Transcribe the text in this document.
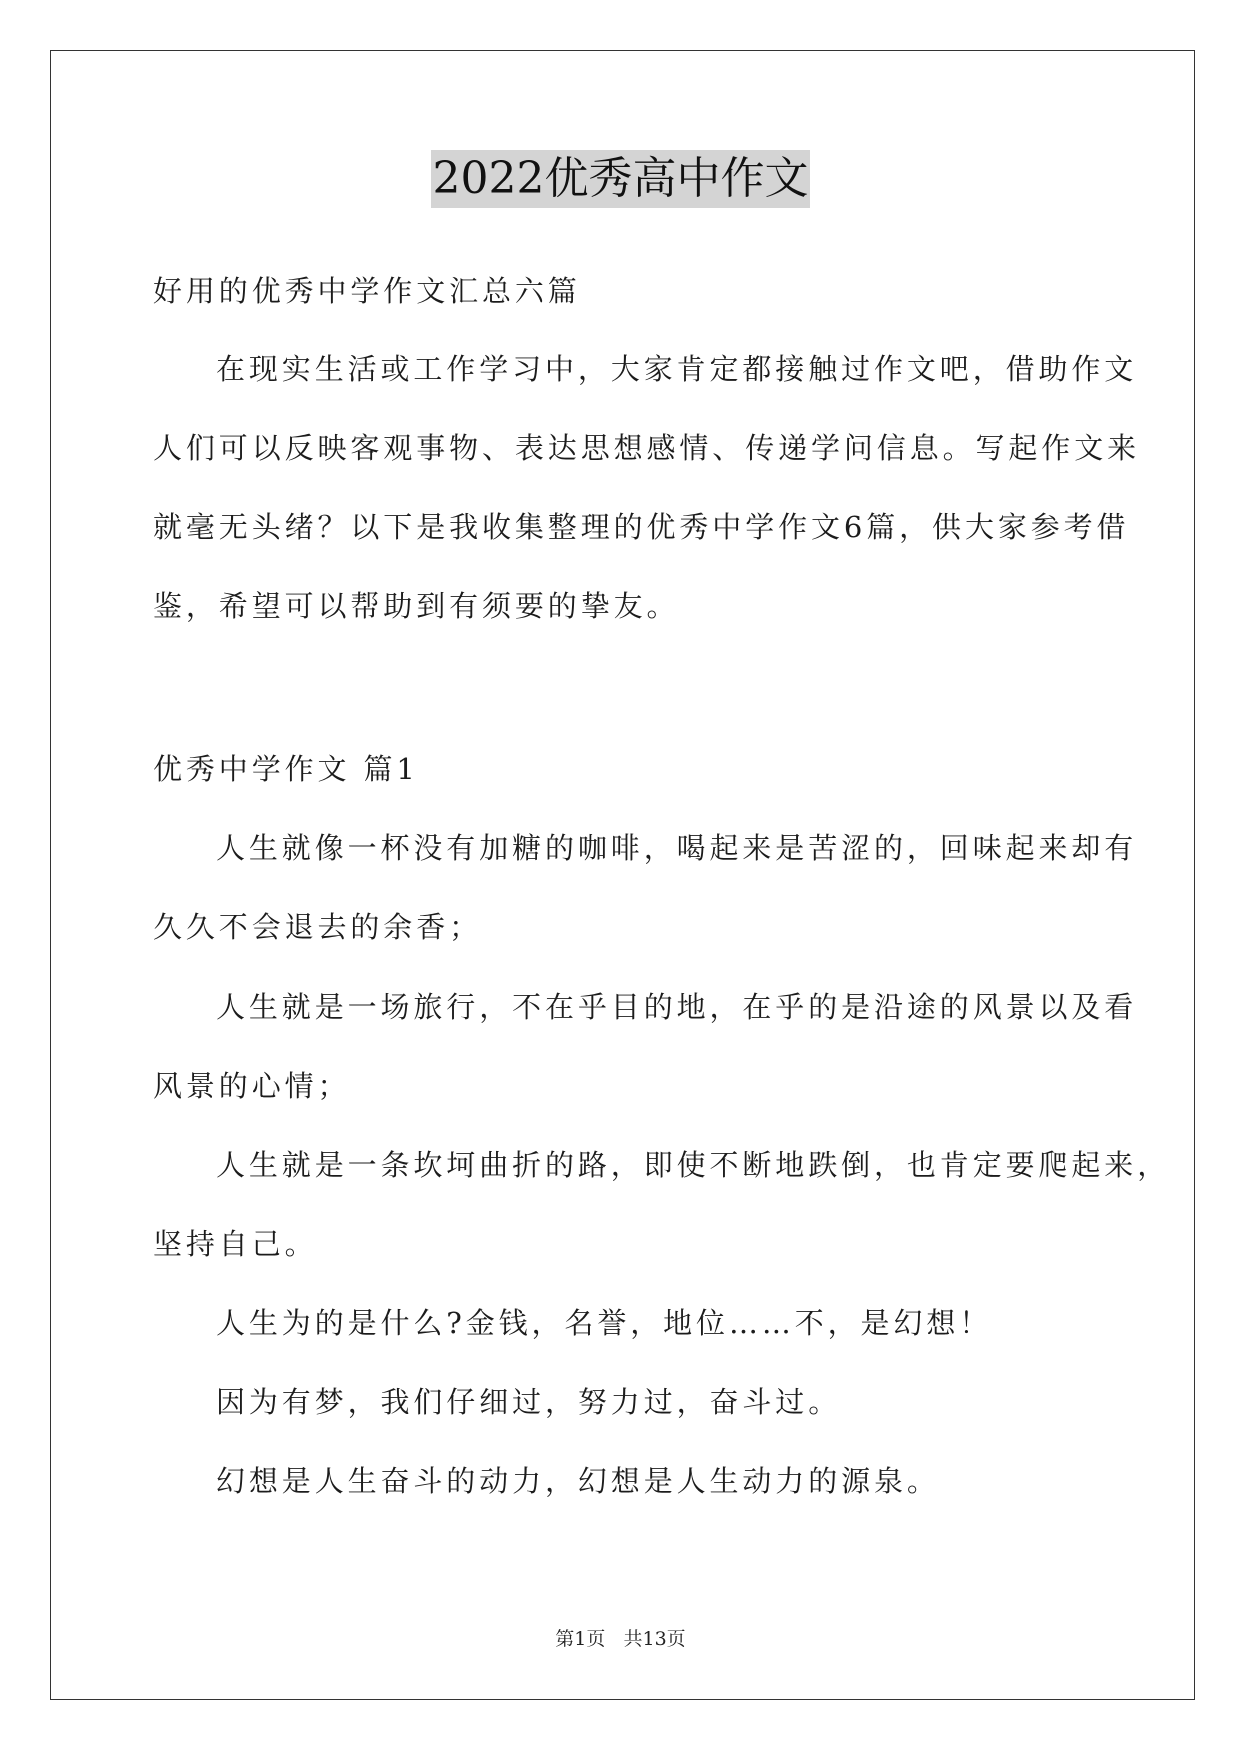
2022优秀高中作文
好用的优秀中学作文汇总六篇
在现实生活或工作学习中，大家肯定都接触过作文吧，借助作文
人们可以反映客观事物、表达思想感情、传递学问信息。写起作文来
就毫无头绪？以下是我收集整理的优秀中学作文6篇，供大家参考借
鉴，希望可以帮助到有须要的挚友。
优秀中学作文 篇1
人生就像一杯没有加糖的咖啡，喝起来是苦涩的，回味起来却有
久久不会退去的余香；
人生就是一场旅行，不在乎目的地，在乎的是沿途的风景以及看
风景的心情；
人生就是一条坎坷曲折的路，即使不断地跌倒，也肯定要爬起来，
坚持自己。
人生为的是什么?金钱，名誉，地位……不，是幻想！
因为有梦，我们仔细过，努力过，奋斗过。
幻想是人生奋斗的动力，幻想是人生动力的源泉。
第1页   共13页
